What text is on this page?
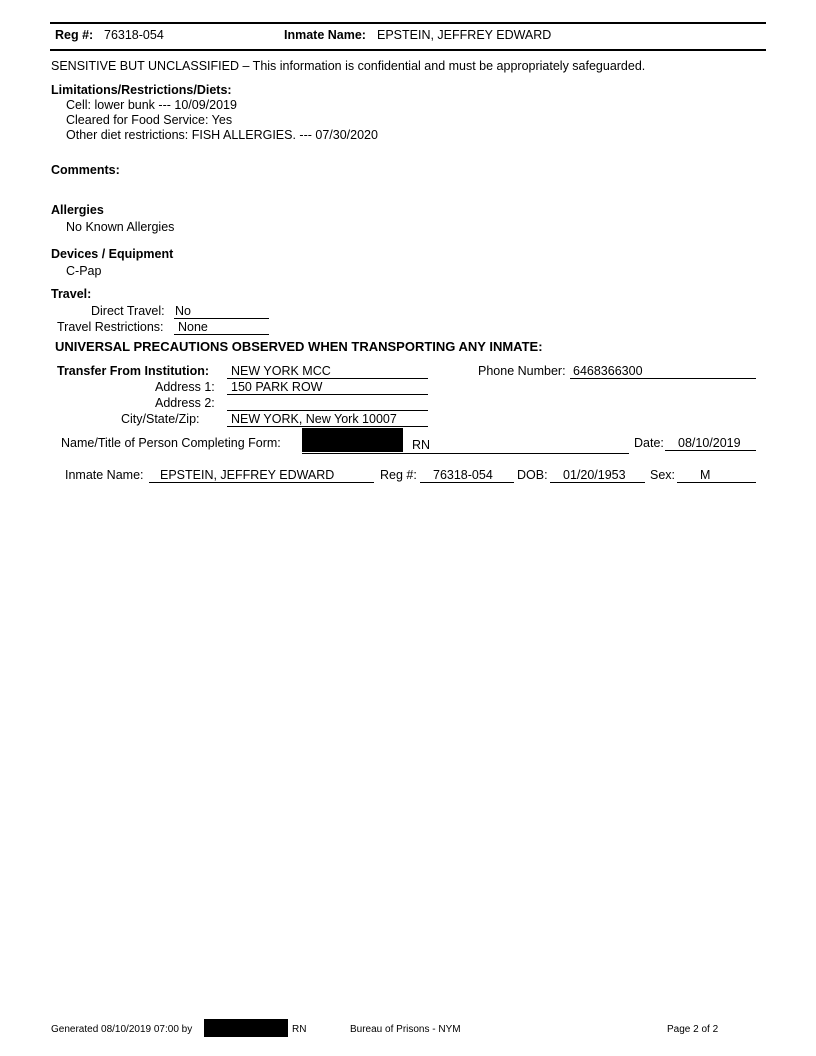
Reg #: 76318-054	Inmate Name: EPSTEIN, JEFFREY EDWARD
SENSITIVE BUT UNCLASSIFIED – This information is confidential and must be appropriately safeguarded.
Limitations/Restrictions/Diets:
Cell: lower bunk --- 10/09/2019
Cleared for Food Service: Yes
Other diet restrictions: FISH ALLERGIES. --- 07/30/2020
Comments:
Allergies
No Known Allergies
Devices / Equipment
C-Pap
Travel:
Direct Travel: No
Travel Restrictions: None
UNIVERSAL PRECAUTIONS OBSERVED WHEN TRANSPORTING ANY INMATE:
Transfer From Institution: NEW YORK MCC	Phone Number: 6468366300
Address 1: 150 PARK ROW
Address 2:
City/State/Zip:	NEW YORK, New York 10007
Name/Title of Person Completing Form:	RN	Date: 08/10/2019
Inmate Name: EPSTEIN, JEFFREY EDWARD	Reg #: 76318-054 DOB: 01/20/1953 Sex: M
Generated 08/10/2019 07:00 by	RN	Bureau of Prisons - NYM	Page 2 of 2
